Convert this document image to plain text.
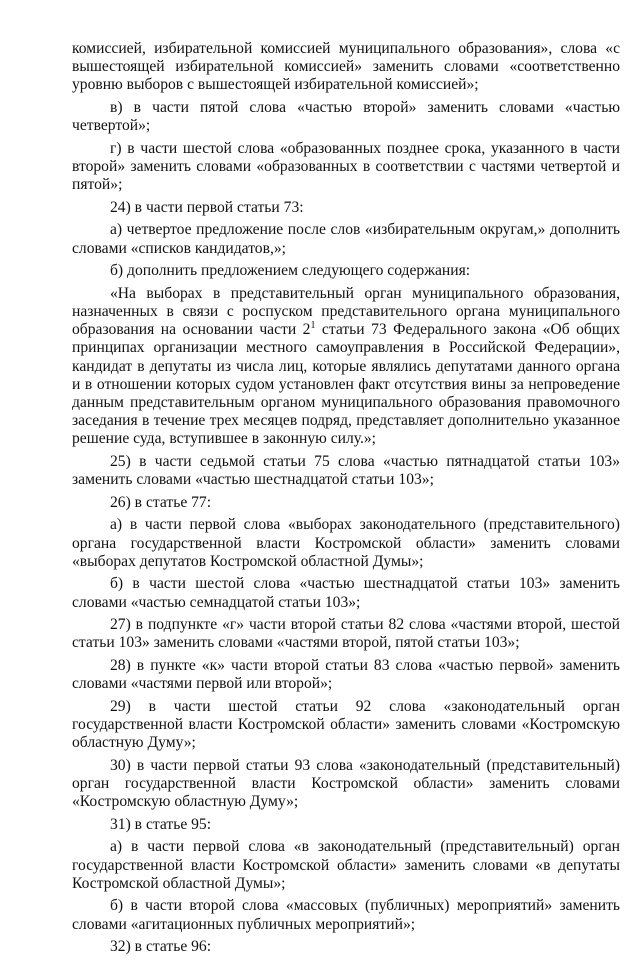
комиссией, избирательной комиссией муниципального образования», слова «с вышестоящей избирательной комиссией» заменить словами «соответственно уровню выборов с вышестоящей избирательной комиссией»;

в) в части пятой слова «частью второй» заменить словами «частью четвертой»;

г) в части шестой слова «образованных позднее срока, указанного в части второй» заменить словами «образованных в соответствии с частями четвертой и пятой»;

24) в части первой статьи 73:

а) четвертое предложение после слов «избирательным округам,» дополнить словами «списков кандидатов,»;

б) дополнить предложением следующего содержания:

«На выборах в представительный орган муниципального образования, назначенных в связи с роспуском представительного органа муниципального образования на основании части $2^1$ статьи 73 Федерального закона «Об общих принципах организации местного самоуправления в Российской Федерации», кандидат в депутаты из числа лиц, которые являлись депутатами данного органа и в отношении которых судом установлен факт отсутствия вины за непроведение данным представительным органом муниципального образования правомочного заседания в течение трех месяцев подряд, представляет дополнительно указанное решение суда, вступившее в законную силу.»;

25) в части седьмой статьи 75 слова «частью пятнадцатой статьи 103» заменить словами «частью шестнадцатой статьи 103»;

26) в статье 77:

а) в части первой слова «выборах законодательного (представительного) органа государственной власти Костромской области» заменить словами «выборах депутатов Костромской областной Думы»;

б) в части шестой слова «частью шестнадцатой статьи 103» заменить словами «частью семнадцатой статьи 103»;

27) в подпункте «г» части второй статьи 82 слова «частями второй, шестой статьи 103» заменить словами «частями второй, пятой статьи 103»;

28) в пункте «к» части второй статьи 83 слова «частью первой» заменить словами «частями первой или второй»;

29) в части шестой статьи 92 слова «законодательный орган государственной власти Костромской области» заменить словами «Костромскую областную Думу»;

30) в части первой статьи 93 слова «законодательный (представительный) орган государственной власти Костромской области» заменить словами «Костромскую областную Думу»;

31) в статье 95:

а) в части первой слова «в законодательный (представительный) орган государственной власти Костромской области» заменить словами «в депутаты Костромской областной Думы»;

б) в части второй слова «массовых (публичных) мероприятий» заменить словами «агитационных публичных мероприятий»;

32) в статье 96:
